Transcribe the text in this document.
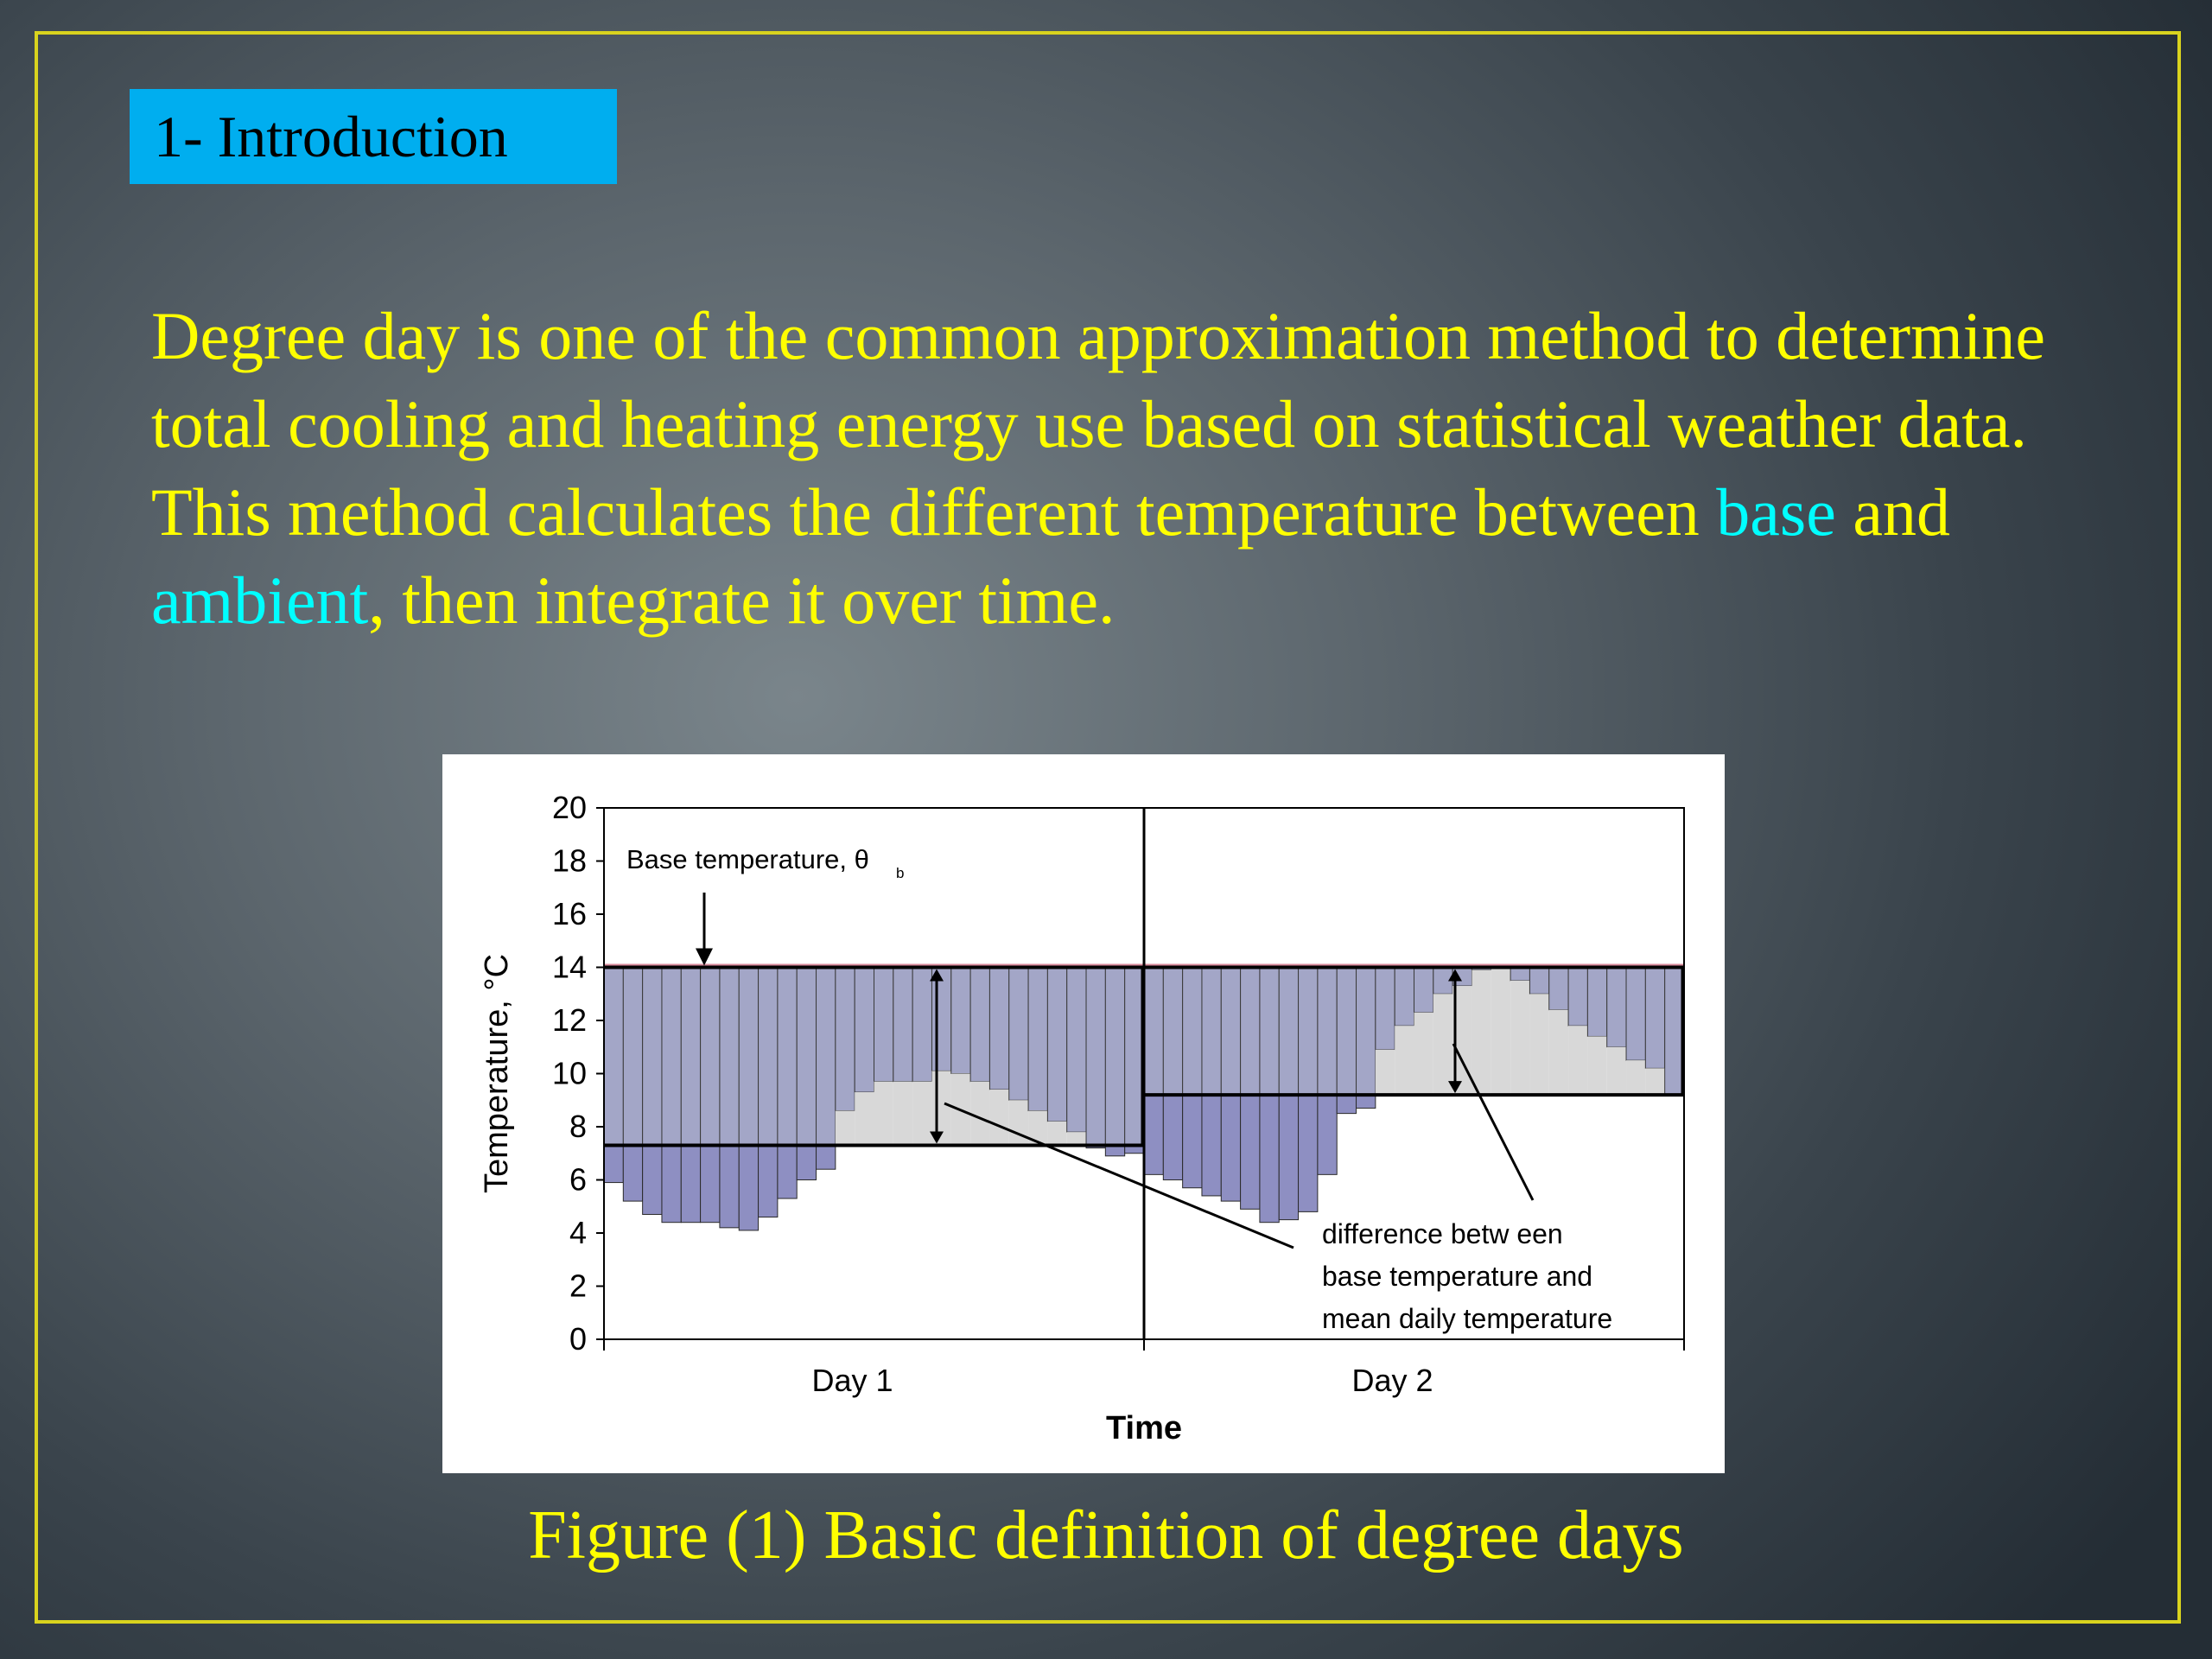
1- Introduction

Degree day is one of the common approximation method to determine total cooling and heating energy use based on statistical weather data. This method calculates the different temperature between base and ambient, then integrate it over time.

0
2
4
6
8
10
12
14
16
18
20
Day 1	Day 2
Time
Temperature, °C
Base temperature, θ b
difference betw een
base temperature and
mean daily temperature
Figure (1) Basic definition of degree days
